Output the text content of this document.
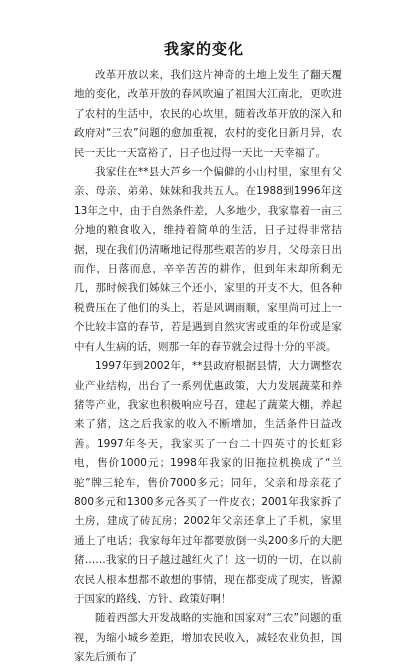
我家的变化

改革开放以来，我们这片神奇的土地上发生了翻天覆地的变化，改革开放的春风吹遍了祖国大江南北，更吹进了农村的生活中，农民的心坎里，随着改革开放的深入和政府对“三农”问题的愈加重视，农村的变化日新月异，农民一天比一天富裕了，日子也过得一天比一天幸福了。

我家住在**县大芦乡一个偏僻的小山村里，家里有父亲、母亲、弟弟、妹妹和我共五人。在1988到1996年这13年之中，由于自然条件差，人多地少，我家靠着一亩三分地的粮食收入，维持着简单的生活，日子过得非常拮据，现在我们仍清晰地记得那些艰苦的岁月，父母亲日出而作，日落而息，辛辛苦苦的耕作，但到年末却所剩无几，那时候我们姊妹三个还小，家里的开支不大，但各种税费压在了他们的头上，若是风调雨顺，家里尚可过上一个比较丰富的春节，若是遇到自然灾害或重的年份或是家中有人生病的话，则那一年的春节就会过得十分的平淡。

1997年到2002年，**县政府根据县情，大力调整农业产业结构，出台了一系列优惠政策，大力发展蔬菜和养猪等产业，我家也积极响应号召，建起了蔬菜大棚，养起来了猪，这之后我家的收入不断增加，生活条件日益改善。1997年冬天，我家买了一台二十四英寸的长虹彩电，售价1000元；1998年我家的旧拖拉机换成了“兰驼”牌三轮车，售价7000多元；同年，父亲和母亲花了800多元和1300多元各买了一件皮衣；2001年我家拆了土房，建成了砖瓦房；2002年父亲还拿上了手机，家里通上了电话；我家每年过年都要放倒一头200多斤的大肥猪……我家的日子越过越红火了！这一切的一切，在以前农民人根本想都不敢想的事情，现在都变成了现实，皆源于国家的路线、方针、政策好啊！

随着西部大开发战略的实施和国家对“三农”问题的重视，为缩小城乡差距，增加农民收入，减轻农业负担，国家先后颁布了
